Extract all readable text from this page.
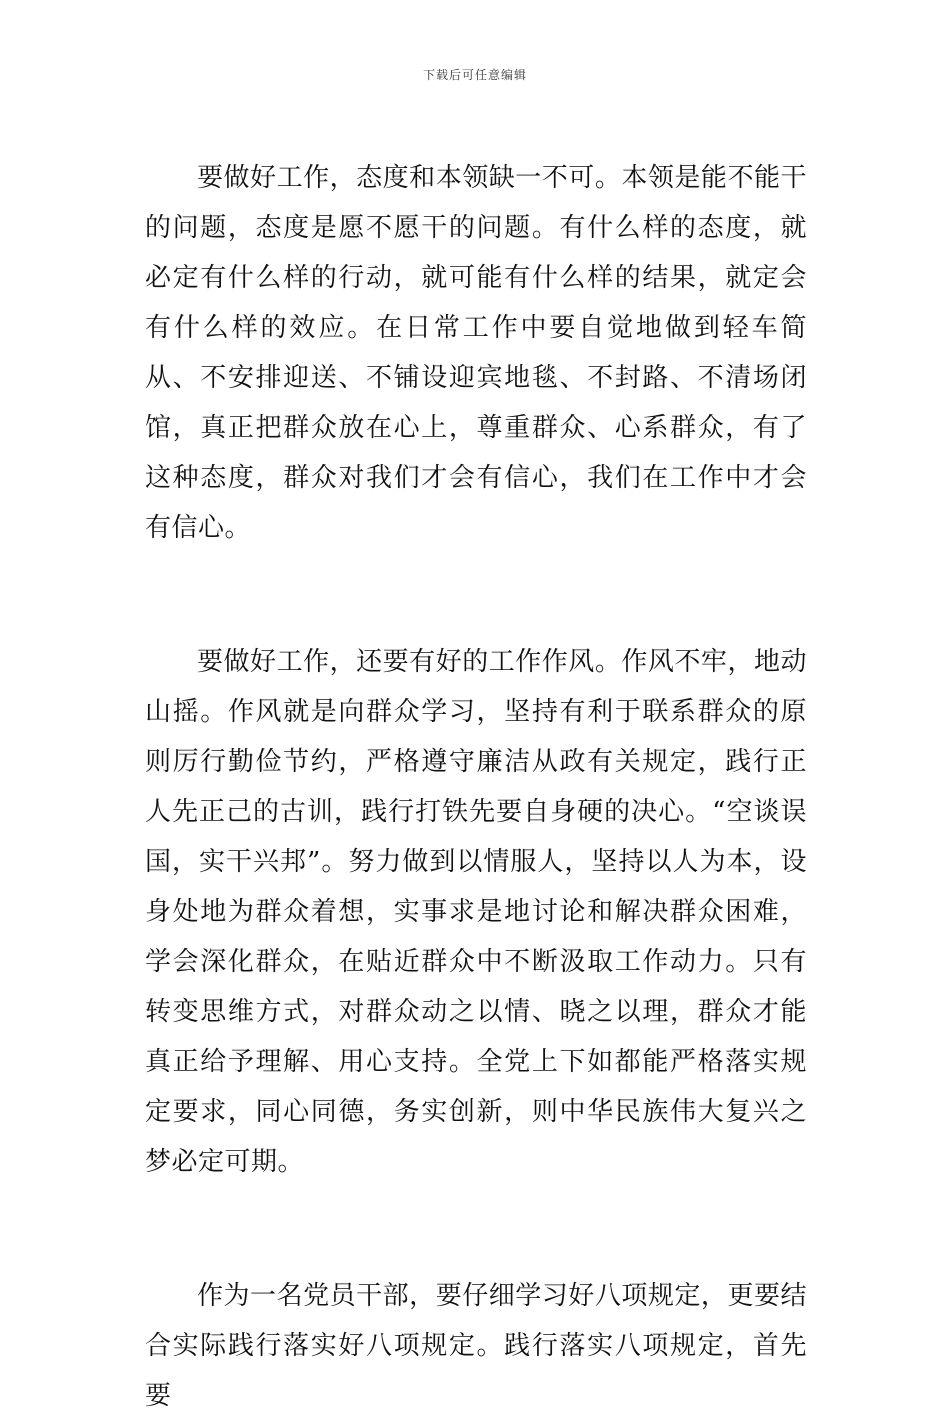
下载后可任意编辑

要做好工作，态度和本领缺一不可。本领是能不能干的问题，态度是愿不愿干的问题。有什么样的态度，就必定有什么样的行动，就可能有什么样的结果，就定会有什么样的效应。在日常工作中要自觉地做到轻车简从、不安排迎送、不铺设迎宾地毯、不封路、不清场闭馆，真正把群众放在心上，尊重群众、心系群众，有了这种态度，群众对我们才会有信心，我们在工作中才会有信心。

要做好工作，还要有好的工作作风。作风不牢，地动山摇。作风就是向群众学习，坚持有利于联系群众的原则厉行勤俭节约，严格遵守廉洁从政有关规定，践行正人先正己的古训，践行打铁先要自身硬的决心。“空谈误国，实干兴邦”。努力做到以情服人，坚持以人为本，设身处地为群众着想，实事求是地讨论和解决群众困难，学会深化群众，在贴近群众中不断汲取工作动力。只有转变思维方式，对群众动之以情、晓之以理，群众才能真正给予理解、用心支持。全党上下如都能严格落实规定要求，同心同德，务实创新，则中华民族伟大复兴之梦必定可期。

作为一名党员干部，要仔细学习好八项规定，更要结合实际践行落实好八项规定。践行落实八项规定，首先要
